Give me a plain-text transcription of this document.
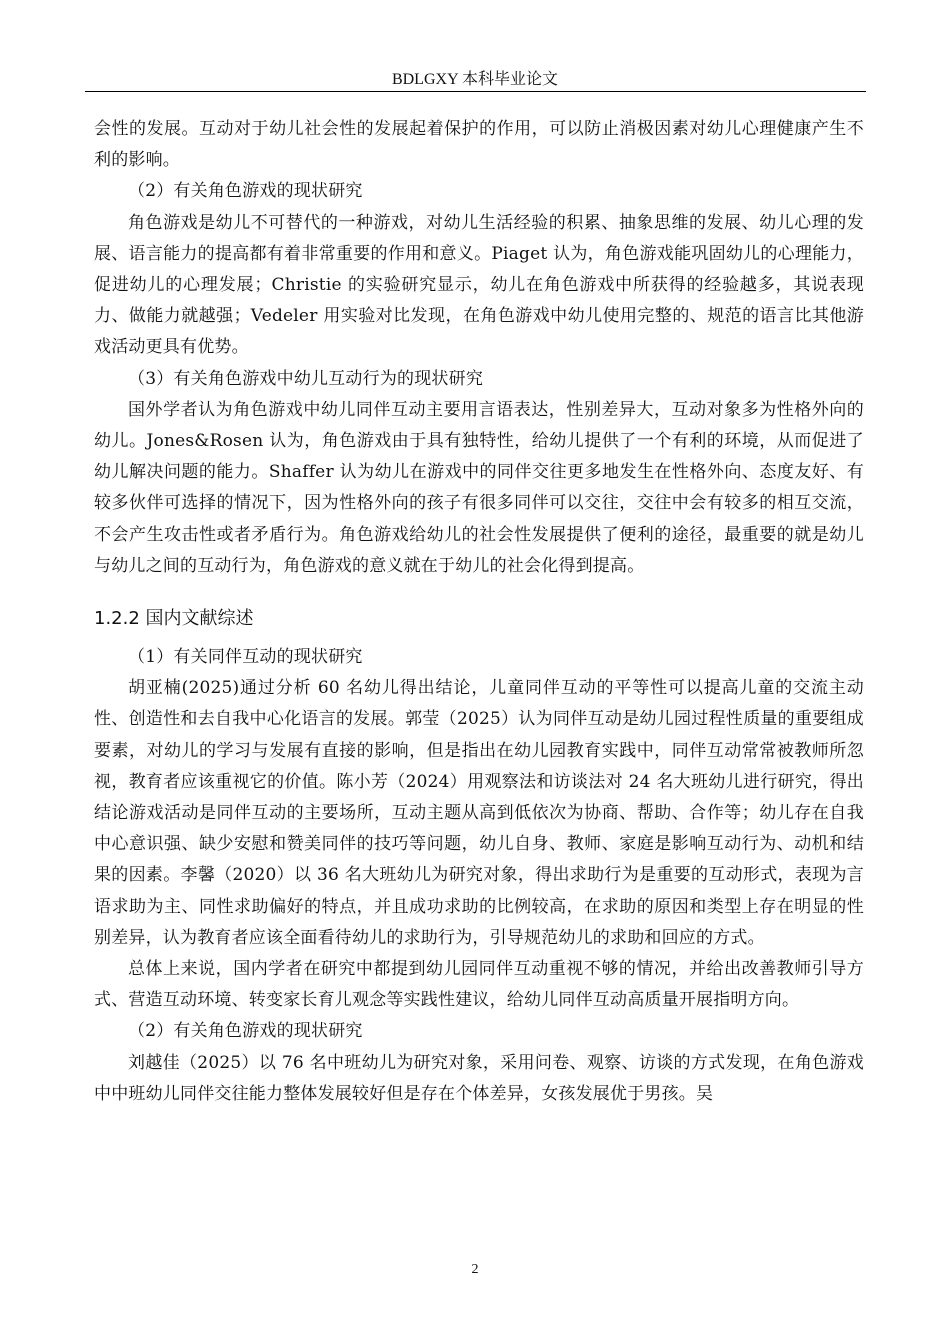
BDLGXY 本科毕业论文

会性的发展。互动对于幼儿社会性的发展起着保护的作用，可以防止消极因素对幼儿心理健康产生不利的影响。

（2）有关角色游戏的现状研究

角色游戏是幼儿不可替代的一种游戏，对幼儿生活经验的积累、抽象思维的发展、幼儿心理的发展、语言能力的提高都有着非常重要的作用和意义。Piaget 认为，角色游戏能巩固幼儿的心理能力，促进幼儿的心理发展；Christie 的实验研究显示，幼儿在角色游戏中所获得的经验越多，其说表现力、做能力就越强；Vedeler 用实验对比发现，在角色游戏中幼儿使用完整的、规范的语言比其他游戏活动更具有优势。

（3）有关角色游戏中幼儿互动行为的现状研究

国外学者认为角色游戏中幼儿同伴互动主要用言语表达，性别差异大，互动对象多为性格外向的幼儿。Jones&Rosen 认为，角色游戏由于具有独特性，给幼儿提供了一个有利的环境，从而促进了幼儿解决问题的能力。Shaffer 认为幼儿在游戏中的同伴交往更多地发生在性格外向、态度友好、有较多伙伴可选择的情况下，因为性格外向的孩子有很多同伴可以交往，交往中会有较多的相互交流，不会产生攻击性或者矛盾行为。角色游戏给幼儿的社会性发展提供了便利的途径，最重要的就是幼儿与幼儿之间的互动行为，角色游戏的意义就在于幼儿的社会化得到提高。

1.2.2 国内文献综述

（1）有关同伴互动的现状研究

胡亚楠(2025)通过分析 60 名幼儿得出结论，儿童同伴互动的平等性可以提高儿童的交流主动性、创造性和去自我中心化语言的发展。郭莹（2025）认为同伴互动是幼儿园过程性质量的重要组成要素，对幼儿的学习与发展有直接的影响，但是指出在幼儿园教育实践中，同伴互动常常被教师所忽视，教育者应该重视它的价值。陈小芳（2024）用观察法和访谈法对 24 名大班幼儿进行研究，得出结论游戏活动是同伴互动的主要场所，互动主题从高到低依次为协商、帮助、合作等；幼儿存在自我中心意识强、缺少安慰和赞美同伴的技巧等问题，幼儿自身、教师、家庭是影响互动行为、动机和结果的因素。李馨（2020）以 36 名大班幼儿为研究对象，得出求助行为是重要的互动形式，表现为言语求助为主、同性求助偏好的特点，并且成功求助的比例较高，在求助的原因和类型上存在明显的性别差异，认为教育者应该全面看待幼儿的求助行为，引导规范幼儿的求助和回应的方式。

总体上来说，国内学者在研究中都提到幼儿园同伴互动重视不够的情况，并给出改善教师引导方式、营造互动环境、转变家长育儿观念等实践性建议，给幼儿同伴互动高质量开展指明方向。

（2）有关角色游戏的现状研究

刘越佳（2025）以 76 名中班幼儿为研究对象，采用问卷、观察、访谈的方式发现，在角色游戏中中班幼儿同伴交往能力整体发展较好但是存在个体差异，女孩发展优于男孩。吴

2
